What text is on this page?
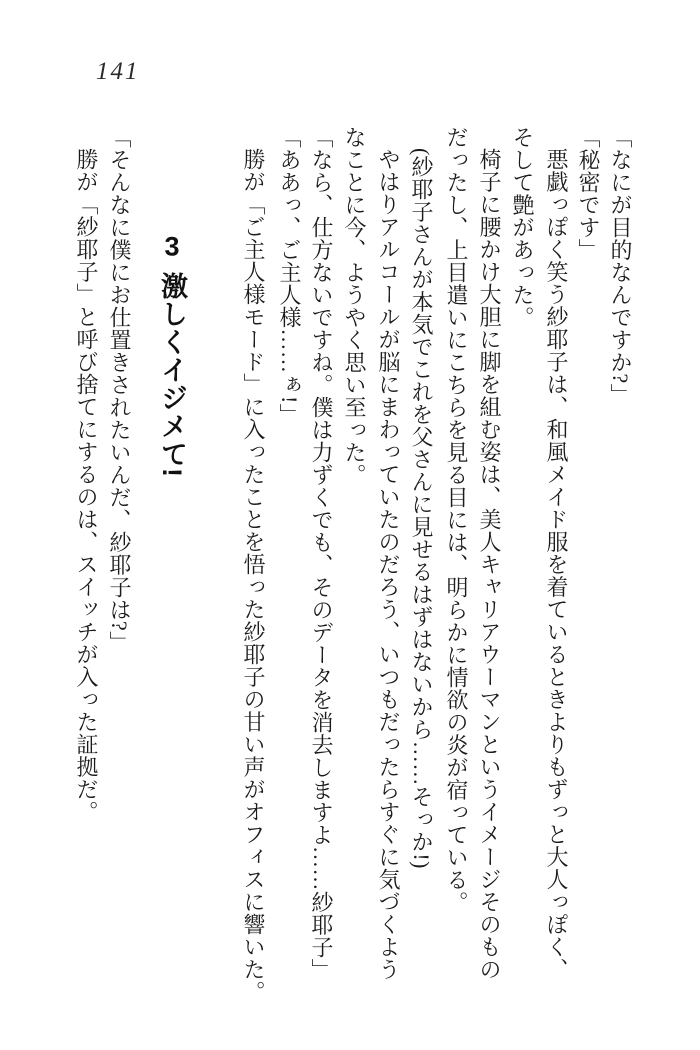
141
「なにが目的なんですか?」
「秘密です」
悪戯っぽく笑う紗耶子は、和風メイド服を着ているときよりもずっと大人っぽく、
そして艶があった。
椅子に腰かけ大胆に脚を組む姿は、美人キャリアウーマンというイメージそのもの
だったし、上目遣いにこちらを見る目には、明らかに情欲の炎が宿っている。
(紗耶子さんが本気でこれを父さんに見せるはずはないから……そっか!)
やはりアルコールが脳にまわっていたのだろう、いつもだったらすぐに気づくよう
なことに今、ようやく思い至った。
「なら、仕方ないですね。僕は力ずくでも、そのデータを消去しますよ……紗耶子」
「ああっ、ご主人様……ぁ!」
勝が「ご主人様モード」に入ったことを悟った紗耶子の甘い声がオフィスに響いた。
3激しくイジメて!
「そんなに僕にお仕置きされたいんだ、紗耶子は?」
勝が「紗耶子」と呼び捨てにするのは、スイッチが入った証拠だ。
